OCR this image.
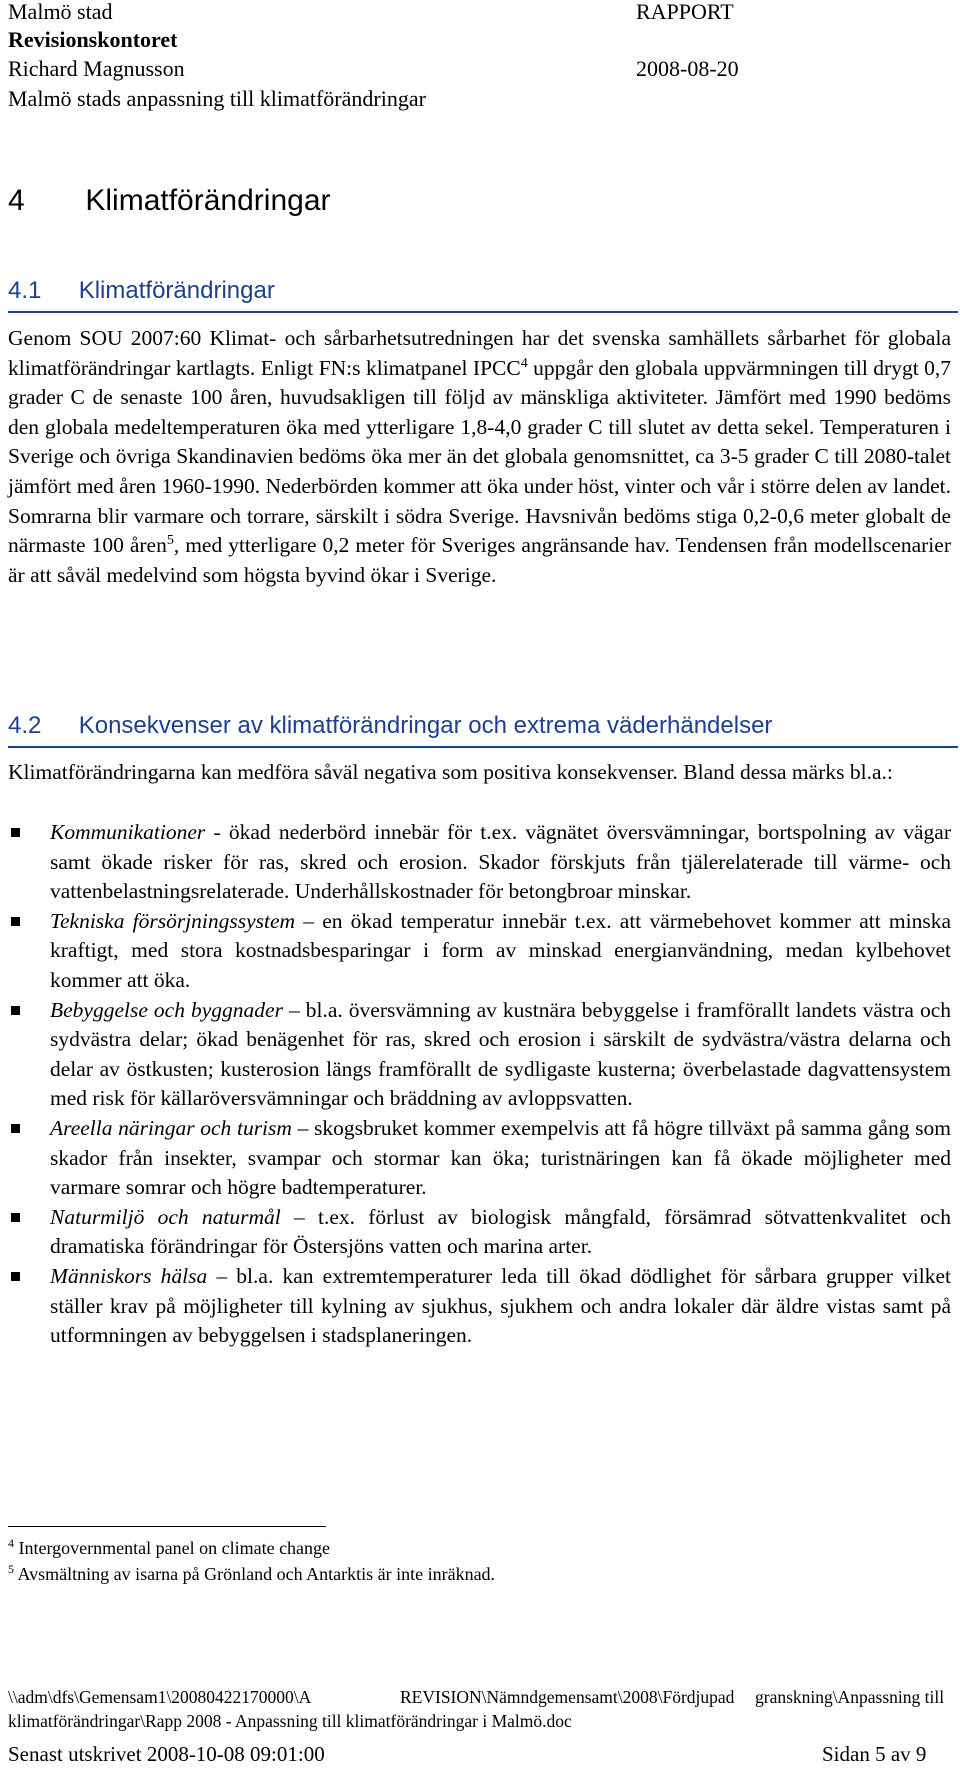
Malmö stad	RAPPORT
Revisionskontoret
Richard Magnusson	2008-08-20
Malmö stads anpassning till klimatförändringar
4 Klimatförändringar
4.1 Klimatförändringar
Genom SOU 2007:60 Klimat- och sårbarhetsutredningen har det svenska samhällets sårbarhet för globala klimatförändringar kartlagts. Enligt FN:s klimatpanel IPCC$^4$ uppgår den globala uppvärmningen till drygt 0,7 grader C de senaste 100 åren, huvudsakligen till följd av mänskliga aktiviteter. Jämfört med 1990 bedöms den globala medeltemperaturen öka med ytterligare 1,8-4,0 grader C till slutet av detta sekel. Temperaturen i Sverige och övriga Skandinavien bedöms öka mer än det globala genomsnittet, ca 3-5 grader C till 2080-talet jämfört med åren 1960-1990. Nederbörden kommer att öka under höst, vinter och vår i större delen av landet. Somrarna blir varmare och torrare, särskilt i södra Sverige. Havsnivån bedöms stiga 0,2-0,6 meter globalt de närmaste 100 åren$^5$, med ytterligare 0,2 meter för Sveriges angränsande hav. Tendensen från modellscenarier är att såväl medelvind som högsta byvind ökar i Sverige.
4.2 Konsekvenser av klimatförändringar och extrema väderhändelser
Klimatförändringarna kan medföra såväl negativa som positiva konsekvenser. Bland dessa märks bl.a.:
Kommunikationer - ökad nederbörd innebär för t.ex. vägnätet översvämningar, bortspolning av vägar samt ökade risker för ras, skred och erosion. Skador förskjuts från tjälerelaterade till värme- och vattenbelastningsrelaterade. Underhållskostnader för betongbroar minskar.
Tekniska försörjningssystem – en ökad temperatur innebär t.ex. att värmebehovet kommer att minska kraftigt, med stora kostnadsbesparingar i form av minskad energianvändning, medan kylbehovet kommer att öka.
Bebyggelse och byggnader – bl.a. översvämning av kustnära bebyggelse i framförallt landets västra och sydvästra delar; ökad benägenhet för ras, skred och erosion i särskilt de sydvästra/västra delarna och delar av östkusten; kusterosion längs framförallt de sydligaste kusterna; överbelastade dagvattensystem med risk för källaröversvämningar och bräddning av avloppsvatten.
Areella näringar och turism – skogsbruket kommer exempelvis att få högre tillväxt på samma gång som skador från insekter, svampar och stormar kan öka; turistnäringen kan få ökade möjligheter med varmare somrar och högre badtemperaturer.
Naturmiljö och naturmål – t.ex. förlust av biologisk mångfald, försämrad sötvattenkvalitet och dramatiska förändringar för Östersjöns vatten och marina arter.
Människors hälsa – bl.a. kan extremtemperaturer leda till ökad dödlighet för sårbara grupper vilket ställer krav på möjligheter till kylning av sjukhus, sjukhem och andra lokaler där äldre vistas samt på utformningen av bebyggelsen i stadsplaneringen.
$^4$ Intergovernmental panel on climate change
$^5$ Avsmältning av isarna på Grönland och Antarktis är inte inräknad.
\\adm\dfs\Gemensam1\20080422170000\A	REVISION\Nämndgemensamt\2008\Fördjupad granskning\Anpassning till
klimatförändringar\Rapp 2008 - Anpassning till klimatförändringar i Malmö.doc
Senast utskrivet 2008-10-08 09:01:00	Sidan 5 av 9
